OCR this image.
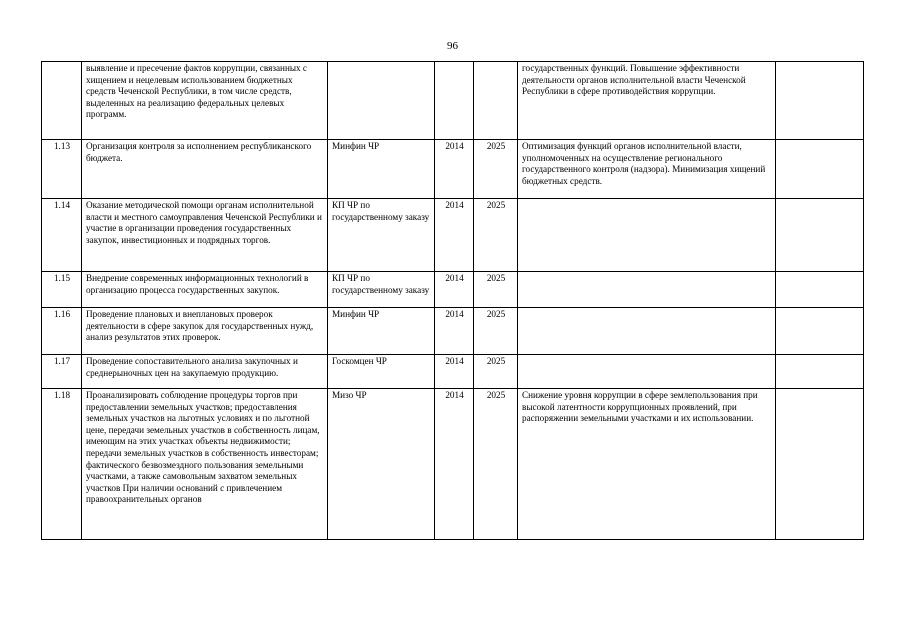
96
	выявление и пресечение фактов коррупции, связанных с хищением и нецелевым использованием бюджетных средств Чеченской Республики, в том числе средств, выделенных на реализацию федеральных целевых программ.				государственных функций. Повышение эффективности деятельности органов исполнительной власти Чеченской Республики в сфере противодействия коррупции.	
1.13	Организация контроля за исполнением республиканского бюджета.	Минфин ЧР	2014	2025	Оптимизация функций органов исполнительной власти, уполномоченных на осуществление регионального государственного контроля (надзора). Минимизация хищений бюджетных средств.	
1.14	Оказание методической помощи органам исполнительной власти и местного самоуправления Чеченской Республики и участие в организации проведения государственных закупок, инвестиционных и подрядных торгов.	КП ЧР по государственному заказу	2014	2025		
1.15	Внедрение современных информационных технологий в организацию процесса государственных закупок.	КП ЧР по государственному заказу	2014	2025		
1.16	Проведение плановых и внеплановых проверок деятельности в сфере закупок для государственных нужд, анализ результатов этих проверок.	Минфин ЧР	2014	2025		
1.17	Проведение сопоставительного анализа закупочных и среднерыночных цен на закупаемую продукцию.	Госкомцен ЧР	2014	2025		
1.18	Проанализировать соблюдение процедуры торгов при предоставлении земельных участков; предоставления земельных участков на льготных условиях и по льготной цене, передачи земельных участков в собственность лицам, имеющим на этих участках объекты недвижимости; передачи земельных участков в собственность инвесторам; фактического безвозмездного пользования земельными участками, а также самовольным захватом земельных участков При наличии оснований с привлечением правоохранительных органов	Мизо ЧР	2014	2025	Снижение уровня коррупции в сфере землепользования при высокой латентности коррупционных проявлений, при распоряжении земельными участками и их использовании.	
